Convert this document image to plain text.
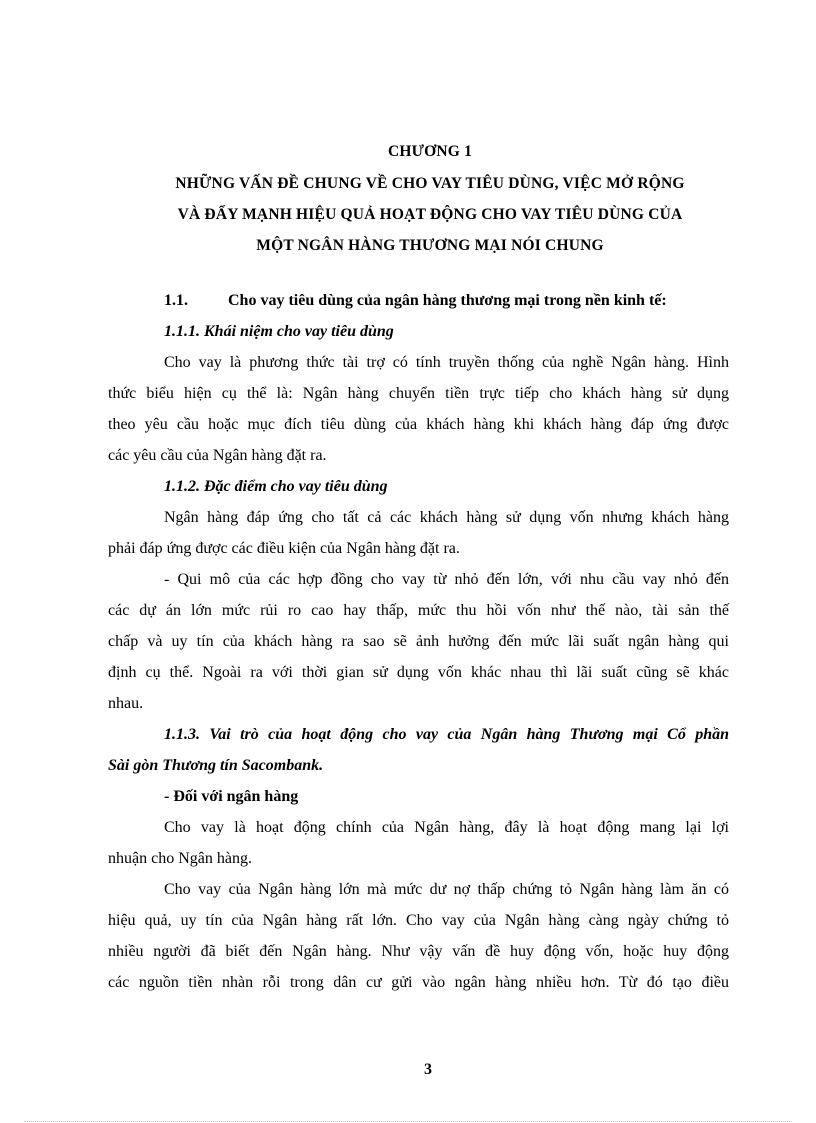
CHƯƠNG 1
NHỮNG VẤN ĐỀ CHUNG VỀ CHO VAY TIÊU DÙNG, VIỆC MỞ RỘNG
VÀ ĐẨY MẠNH HIỆU QUẢ HOẠT ĐỘNG CHO VAY TIÊU DÙNG CỦA
MỘT NGÂN HÀNG THƯƠNG MẠI NÓI CHUNG
1.1.	Cho vay tiêu dùng của ngân hàng thương mại trong nền kinh tế:
1.1.1. Khái niệm cho vay tiêu dùng
Cho vay là phương thức tài trợ có tính truyền thống của nghề Ngân hàng. Hình
thức biểu hiện cụ thể là: Ngân hàng chuyển tiền trực tiếp cho khách hàng sử dụng
theo yêu cầu hoặc mục đích tiêu dùng của khách hàng khi khách hàng đáp ứng được
các yêu cầu của Ngân hàng đặt ra.
1.1.2. Đặc điểm cho vay tiêu dùng
Ngân hàng đáp ứng cho tất cả các khách hàng sử dụng vốn nhưng khách hàng
phải đáp ứng được các điều kiện của Ngân hàng đặt ra.
- Qui mô của các hợp đồng cho vay từ nhỏ đến lớn, với nhu cầu vay nhỏ đến
các dự án lớn mức rủi ro cao hay thấp, mức thu hồi vốn như thế nào, tài sản thế
chấp và uy tín của khách hàng ra sao sẽ ảnh hưởng đến mức lãi suất ngân hàng qui
định cụ thể. Ngoài ra với thời gian sử dụng vốn khác nhau thì lãi suất cũng sẽ khác
nhau.
1.1.3. Vai trò của hoạt động cho vay của Ngân hàng Thương mại Cổ phần
Sài gòn Thương tín Sacombank.
- Đối với ngân hàng
Cho vay là hoạt động chính của Ngân hàng, đây là hoạt động mang lại lợi
nhuận cho Ngân hàng.
Cho vay của Ngân hàng lớn mà mức dư nợ thấp chứng tỏ Ngân hàng làm ăn có
hiệu quả, uy tín của Ngân hàng rất lớn. Cho vay của Ngân hàng càng ngày chứng tỏ
nhiều người đã biết đến Ngân hàng. Như vậy vấn đề huy động vốn, hoặc huy động
các nguồn tiền nhàn rỗi trong dân cư gửi vào ngân hàng nhiều hơn. Từ đó tạo điều
3
